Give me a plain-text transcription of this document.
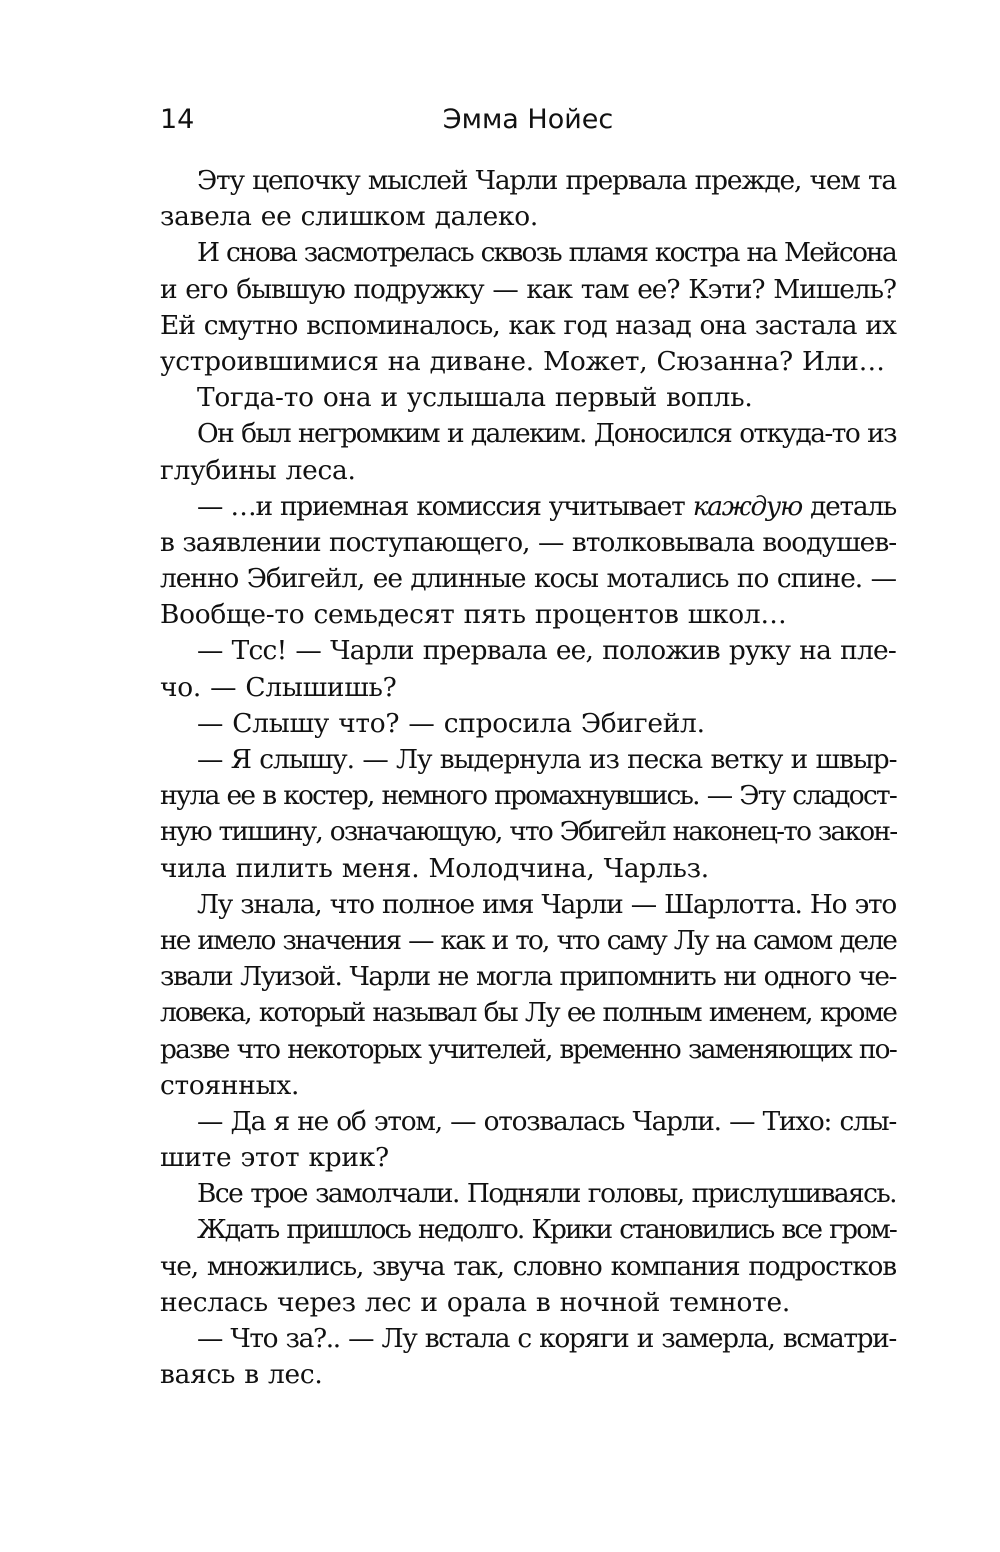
14	Эмма Нойес
Эту цепочку мыслей Чарли прервала прежде, чем та
завела ее слишком далеко.
И снова засмотрелась сквозь пламя костра на Мейсона
и его бывшую подружку — как там ее? Кэти? Мишель?
Ей смутно вспоминалось, как год назад она застала их
устроившимися на диване. Может, Сюзанна? Или…
Тогда-то она и услышала первый вопль.
Он был негромким и далеким. Доносился откуда-то из
глубины леса.
— …и приемная комиссия учитывает каждую деталь
в заявлении поступающего, — втолковывала воодушев-
ленно Эбигейл, ее длинные косы мотались по спине. —
Вообще-то семьдесят пять процентов школ…
— Тсс! — Чарли прервала ее, положив руку на пле-
чо. — Слышишь?
— Слышу что? — спросила Эбигейл.
— Я слышу. — Лу выдернула из песка ветку и швыр-
нула ее в костер, немного промахнувшись. — Эту сладост-
ную тишину, означающую, что Эбигейл наконец-то закон-
чила пилить меня. Молодчина, Чарльз.
Лу знала, что полное имя Чарли — Шарлотта. Но это
не имело значения — как и то, что саму Лу на самом деле
звали Луизой. Чарли не могла припомнить ни одного че-
ловека, который называл бы Лу ее полным именем, кроме
разве что некоторых учителей, временно заменяющих по-
стоянных.
— Да я не об этом, — отозвалась Чарли. — Тихо: слы-
шите этот крик?
Все трое замолчали. Подняли головы, прислушиваясь.
Ждать пришлось недолго. Крики становились все гром-
че, множились, звуча так, словно компания подростков
неслась через лес и орала в ночной темноте.
— Что за?.. — Лу встала с коряги и замерла, всматри-
ваясь в лес.
